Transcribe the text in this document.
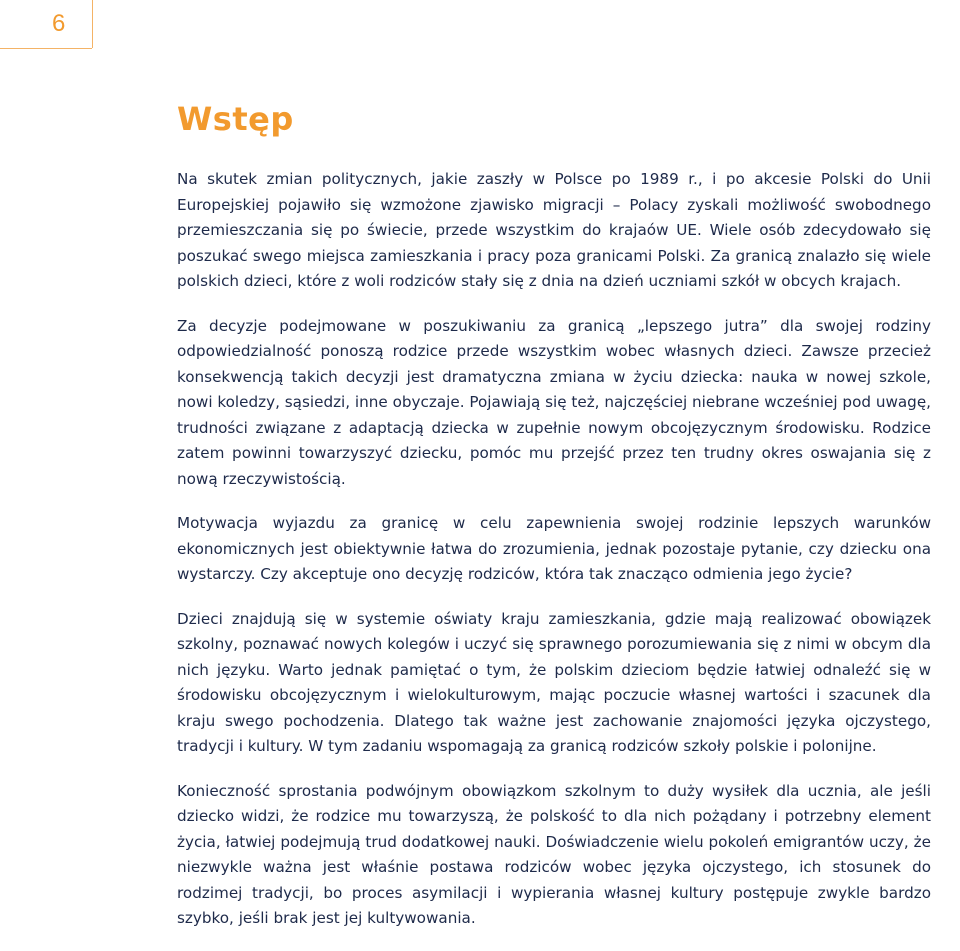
6
Wstęp

Na skutek zmian politycznych, jakie zaszły w Polsce po 1989 r., i po akcesie Polski do Unii Europejskiej pojawiło się wzmożone zjawisko migracji – Polacy zyskali możliwość swobodnego przemieszczania się po świecie, przede wszystkim do krajaów UE. Wiele osób zdecydowało się poszukać swego miejsca zamieszkania i pracy poza granicami Polski. Za granicą znalazło się wiele polskich dzieci, które z woli rodziców stały się z dnia na dzień uczniami szkół w obcych krajach.

Za decyzje podejmowane w poszukiwaniu za granicą „lepszego jutra” dla swojej rodziny odpowiedzialność ponoszą rodzice przede wszystkim wobec własnych dzieci. Zawsze przecież konsekwencją takich decyzji jest dramatyczna zmiana w życiu dziecka: nauka w nowej szkole, nowi koledzy, sąsiedzi, inne obyczaje. Pojawiają się też, najczęściej niebrane wcześniej pod uwagę, trudności związane z adaptacją dziecka w zupełnie nowym obcojęzycznym środowisku. Rodzice zatem powinni towarzyszyć dziecku, pomóc mu przejść przez ten trudny okres oswajania się z nową rzeczywistością.

Motywacja wyjazdu za granicę w celu zapewnienia swojej rodzinie lepszych warunków ekonomicznych jest obiektywnie łatwa do zrozumienia, jednak pozostaje pytanie, czy dziecku ona wystarczy. Czy akceptuje ono decyzję rodziców, która tak znacząco odmienia jego życie?

Dzieci znajdują się w systemie oświaty kraju zamieszkania, gdzie mają realizować obowiązek szkolny, poznawać nowych kolegów i uczyć się sprawnego porozumiewania się z nimi w obcym dla nich języku. Warto jednak pamiętać o tym, że polskim dzieciom będzie łatwiej odnaleźć się w środowisku obcojęzycznym i wielokulturowym, mając poczucie własnej wartości i szacunek dla kraju swego pochodzenia. Dlatego tak ważne jest zachowanie znajomości języka ojczystego, tradycji i kultury. W tym zadaniu wspomagają za granicą rodziców szkoły polskie i polonijne.

Konieczność sprostania podwójnym obowiązkom szkolnym to duży wysiłek dla ucznia, ale jeśli dziecko widzi, że rodzice mu towarzyszą, że polskość to dla nich pożądany i potrzebny element życia, łatwiej podejmują trud dodatkowej nauki. Doświadczenie wielu pokoleń emigrantów uczy, że niezwykle ważna jest właśnie postawa rodziców wobec języka ojczystego, ich stosunek do rodzimej tradycji, bo proces asymilacji i wypierania własnej kultury postępuje zwykle bardzo szybko, jeśli brak jest jej kultywowania.
